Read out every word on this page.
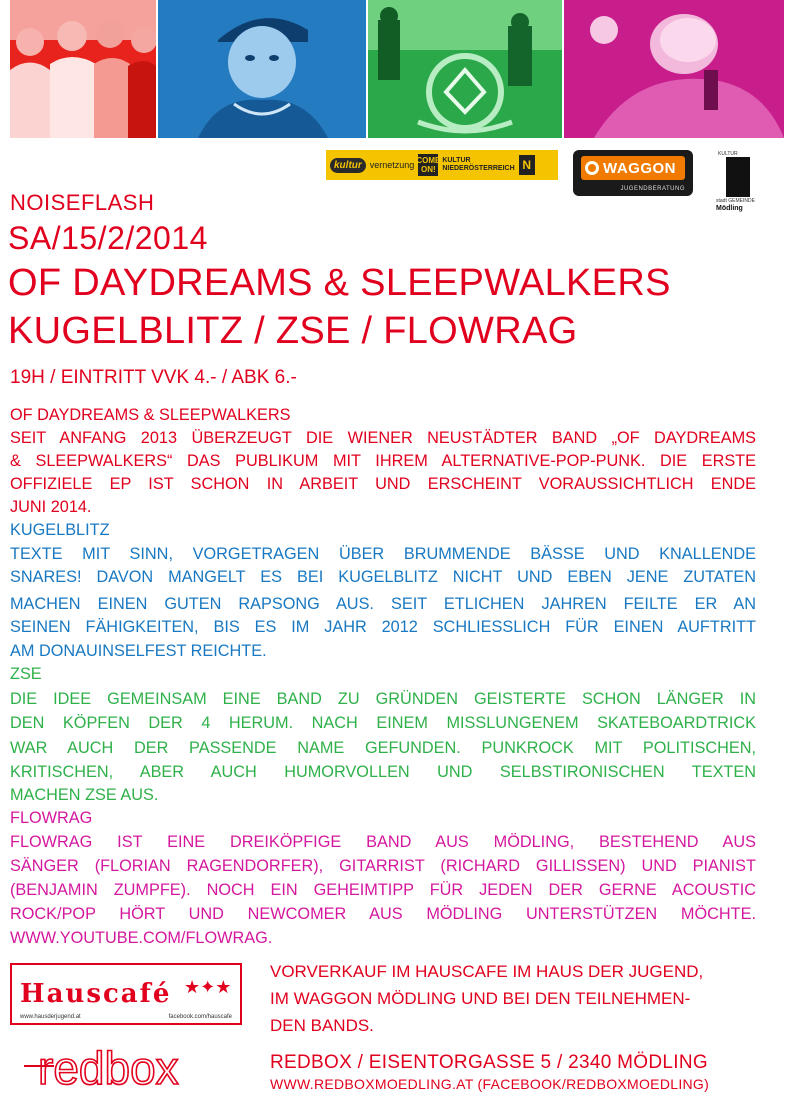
kultur vernetzung COME ON!
KULTUR
NIEDERÖSTERREICH N	WAGGON
JUGENDBERATUNG
KULTUR
stadt GEMEINDE
Mödling
NOISEFLASH
SA/15/2/2014
OF DAYDREAMS & SLEEPWALKERS
KUGELBLITZ / ZSE / FLOWRAG
19H / EINTRITT VVK 4.- / ABK 6.-
OF DAYDREAMS & SLEEPWALKERS
SEIT ANFANG 2013 ÜBERZEUGT DIE WIENER NEUSTÄDTER BAND „OF DAYDREAMS
& SLEEPWALKERS“ DAS PUBLIKUM MIT IHREM ALTERNATIVE-POP-PUNK. DIE ERSTE
OFFIZIELE EP IST SCHON IN ARBEIT UND ERSCHEINT VORAUSSICHTLICH ENDE
JUNI 2014.
KUGELBLITZ
TEXTE MIT SINN, VORGETRAGEN ÜBER BRUMMENDE BÄSSE UND KNALLENDE
SNARES! DAVON MANGELT ES BEI KUGELBLITZ NICHT UND EBEN JENE ZUTATEN
MACHEN EINEN GUTEN RAPSONG AUS. SEIT ETLICHEN JAHREN FEILTE ER AN
SEINEN FÄHIGKEITEN, BIS ES IM JAHR 2012 SCHLIESSLICH FÜR EINEN AUFTRITT
AM DONAUINSELFEST REICHTE.
ZSE
DIE IDEE GEMEINSAM EINE BAND ZU GRÜNDEN GEISTERTE SCHON LÄNGER IN
DEN KÖPFEN DER 4 HERUM. NACH EINEM MISSLUNGENEM SKATEBOARDTRICK
WAR AUCH DER PASSENDE NAME GEFUNDEN. PUNKROCK MIT POLITISCHEN,
KRITISCHEN, ABER AUCH HUMORVOLLEN UND SELBSTIRONISCHEN TEXTEN
MACHEN ZSE AUS.
FLOWRAG
FLOWRAG IST EINE DREIKÖPFIGE BAND AUS MÖDLING, BESTEHEND AUS
SÄNGER (FLORIAN RAGENDORFER), GITARRIST (RICHARD GILLISSEN) UND PIANIST
(BENJAMIN ZUMPFE). NOCH EIN GEHEIMTIPP FÜR JEDEN DER GERNE ACOUSTIC
ROCK/POP HÖRT UND NEWCOMER AUS MÖDLING UNTERSTÜTZEN MÖCHTE.
WWW.YOUTUBE.COM/FLOWRAG.
Hauscafé ★✦★
www.hausderjugend.at	facebook.com/hauscafe
VORVERKAUF IM HAUSCAFE IM HAUS DER JUGEND,
IM WAGGON MÖDLING UND BEI DEN TEILNEHMEN-
DEN BANDS.
redbox	REDBOX / EISENTORGASSE 5 / 2340 MÖDLING
WWW.REDBOXMOEDLING.AT (FACEBOOK/REDBOXMOEDLING)
